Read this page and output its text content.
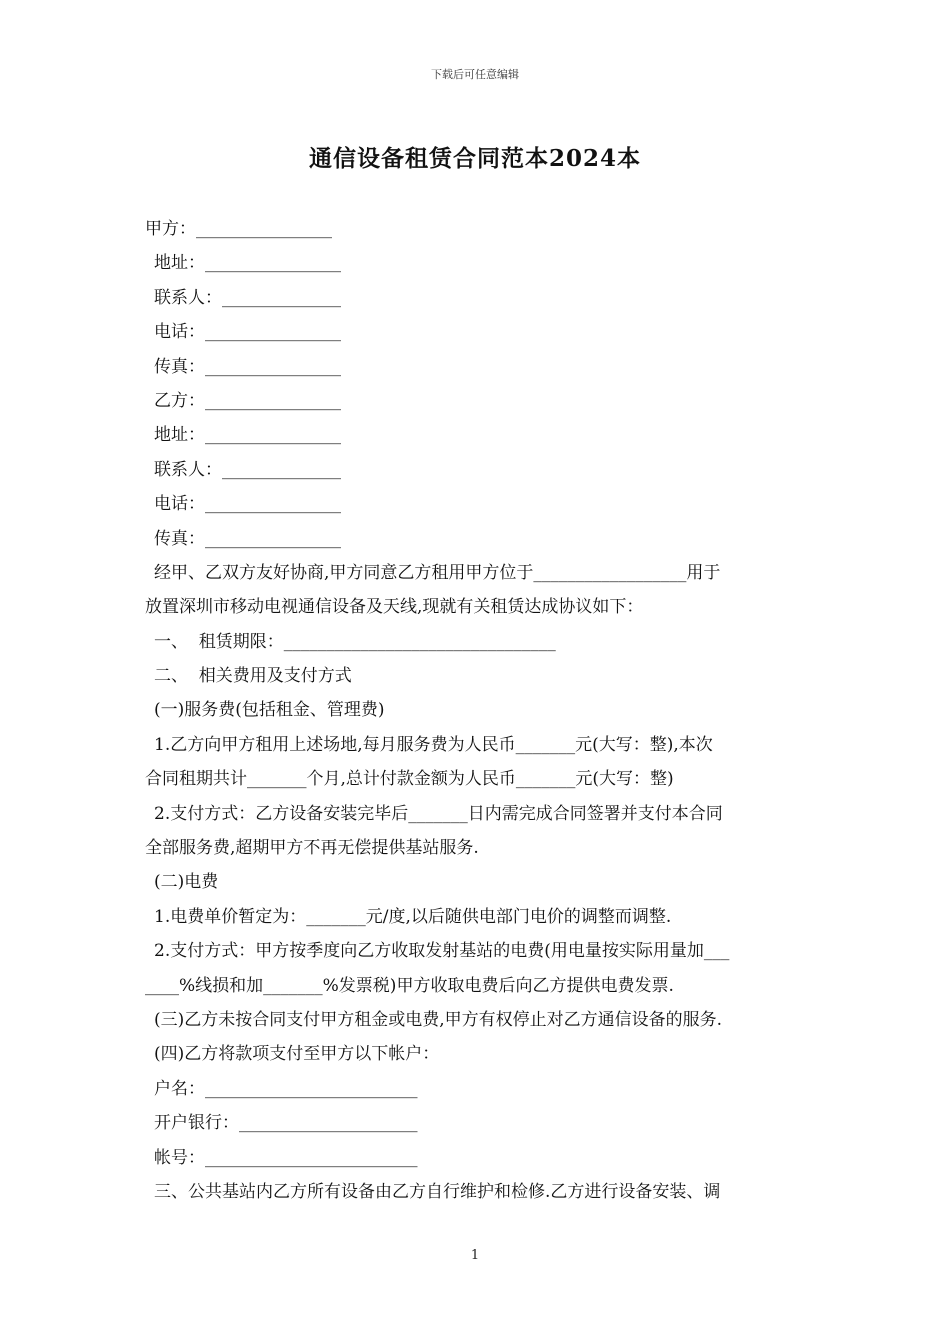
下载后可任意编辑
通信设备租赁合同范本2024本
甲方：________________
地址：________________
联系人：______________
电话：________________
传真：________________
乙方：________________
地址：________________
联系人：______________
电话：________________
传真：________________
经甲、乙双方友好协商,甲方同意乙方租用甲方位于__________________用于
放置深圳市移动电视通信设备及天线,现就有关租赁达成协议如下：
一、  租赁期限：________________________________
二、  相关费用及支付方式
(一)服务费(包括租金、管理费)
1.乙方向甲方租用上述场地,每月服务费为人民币_______元(大写：整),本次
合同租期共计_______个月,总计付款金额为人民币_______元(大写：整)
2.支付方式：乙方设备安装完毕后_______日内需完成合同签署并支付本合同
全部服务费,超期甲方不再无偿提供基站服务.
(二)电费
1.电费单价暂定为：_______元/度,以后随供电部门电价的调整而调整.
2.支付方式：甲方按季度向乙方收取发射基站的电费(用电量按实际用量加___
____%线损和加_______%发票税)甲方收取电费后向乙方提供电费发票.
(三)乙方未按合同支付甲方租金或电费,甲方有权停止对乙方通信设备的服务.
(四)乙方将款项支付至甲方以下帐户：
户名：_________________________
开户银行：_____________________
帐号：_________________________
三、公共基站内乙方所有设备由乙方自行维护和检修.乙方进行设备安装、调
1
